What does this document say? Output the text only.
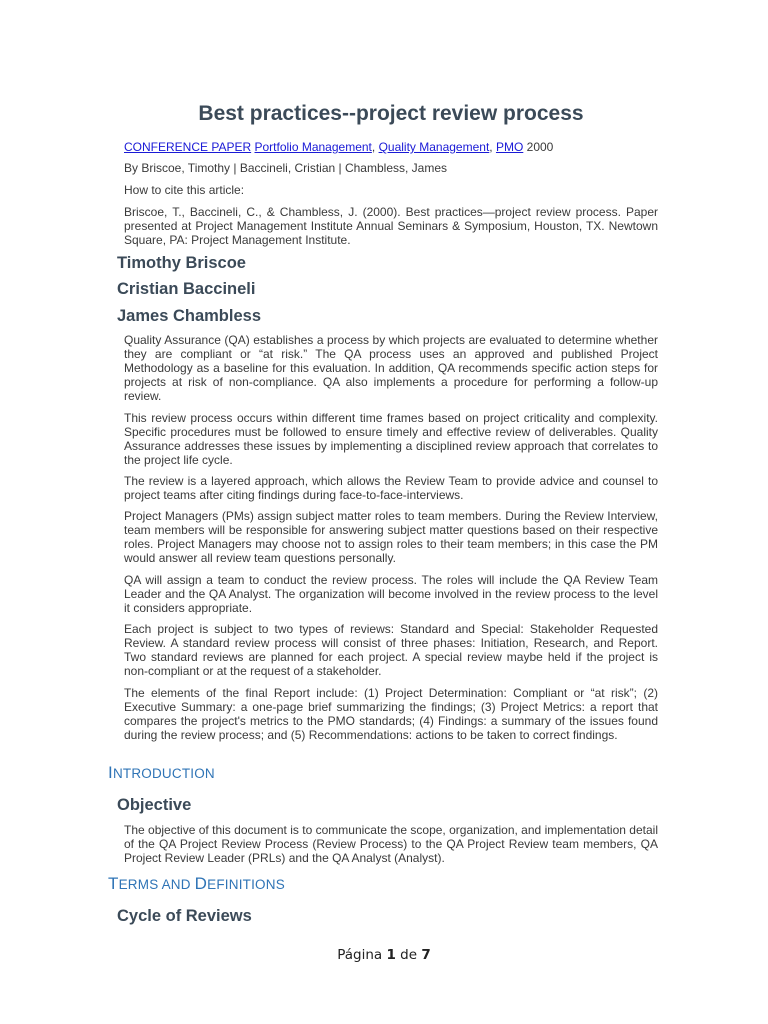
Best practices--project review process
CONFERENCE PAPER Portfolio Management, Quality Management, PMO 2000
By Briscoe, Timothy | Baccineli, Cristian | Chambless, James
How to cite this article:
Briscoe, T., Baccineli, C., & Chambless, J. (2000). Best practices—project review process. Paper presented at Project Management Institute Annual Seminars & Symposium, Houston, TX. Newtown Square, PA: Project Management Institute.
Timothy Briscoe
Cristian Baccineli
James Chambless
Quality Assurance (QA) establishes a process by which projects are evaluated to determine whether they are compliant or “at risk.” The QA process uses an approved and published Project Methodology as a baseline for this evaluation. In addition, QA recommends specific action steps for projects at risk of non-compliance. QA also implements a procedure for performing a follow-up review.
This review process occurs within different time frames based on project criticality and complexity. Specific procedures must be followed to ensure timely and effective review of deliverables. Quality Assurance addresses these issues by implementing a disciplined review approach that correlates to the project life cycle.
The review is a layered approach, which allows the Review Team to provide advice and counsel to project teams after citing findings during face-to-face-interviews.
Project Managers (PMs) assign subject matter roles to team members. During the Review Interview, team members will be responsible for answering subject matter questions based on their respective roles. Project Managers may choose not to assign roles to their team members; in this case the PM would answer all review team questions personally.
QA will assign a team to conduct the review process. The roles will include the QA Review Team Leader and the QA Analyst. The organization will become involved in the review process to the level it considers appropriate.
Each project is subject to two types of reviews: Standard and Special: Stakeholder Requested Review. A standard review process will consist of three phases: Initiation, Research, and Report. Two standard reviews are planned for each project. A special review maybe held if the project is non-compliant or at the request of a stakeholder.
The elements of the final Report include: (1) Project Determination: Compliant or “at risk”; (2) Executive Summary: a one-page brief summarizing the findings; (3) Project Metrics: a report that compares the project's metrics to the PMO standards; (4) Findings: a summary of the issues found during the review process; and (5) Recommendations: actions to be taken to correct findings.
INTRODUCTION
Objective
The objective of this document is to communicate the scope, organization, and implementation detail of the QA Project Review Process (Review Process) to the QA Project Review team members, QA Project Review Leader (PRLs) and the QA Analyst (Analyst).
TERMS AND DEFINITIONS
Cycle of Reviews
Página 1 de 7
